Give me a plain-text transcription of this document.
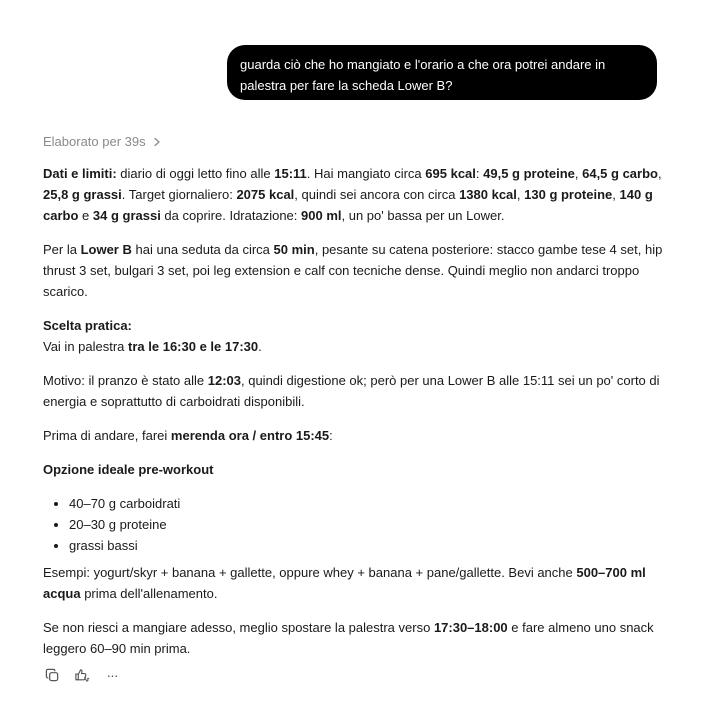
guarda ciò che ho mangiato e l'orario a che ora potrei andare in
palestra per fare la scheda Lower B?
Elaborato per 39s

Dati e limiti: diario di oggi letto fino alle 15:11. Hai mangiato circa 695 kcal: 49,5 g proteine, 64,5 g carbo, 25,8 g grassi. Target giornaliero: 2075 kcal, quindi sei ancora con circa 1380 kcal, 130 g proteine, 140 g carbo e 34 g grassi da coprire. Idratazione: 900 ml, un po' bassa per un Lower.

Per la Lower B hai una seduta da circa 50 min, pesante su catena posteriore: stacco gambe tese 4 set, hip thrust 3 set, bulgari 3 set, poi leg extension e calf con tecniche dense. Quindi meglio non andarci troppo scarico.

Scelta pratica:
Vai in palestra tra le 16:30 e le 17:30.

Motivo: il pranzo è stato alle 12:03, quindi digestione ok; però per una Lower B alle 15:11 sei un po' corto di energia e soprattutto di carboidrati disponibili.

Prima di andare, farei merenda ora / entro 15:45:

Opzione ideale pre-workout

• 40–70 g carboidrati
• 20–30 g proteine
• grassi bassi

Esempi: yogurt/skyr + banana + gallette, oppure whey + banana + pane/gallette. Bevi anche 500–700 ml acqua prima dell'allenamento.

Se non riesci a mangiare adesso, meglio spostare la palestra verso 17:30–18:00 e fare almeno uno snack leggero 60–90 min prima.

···
